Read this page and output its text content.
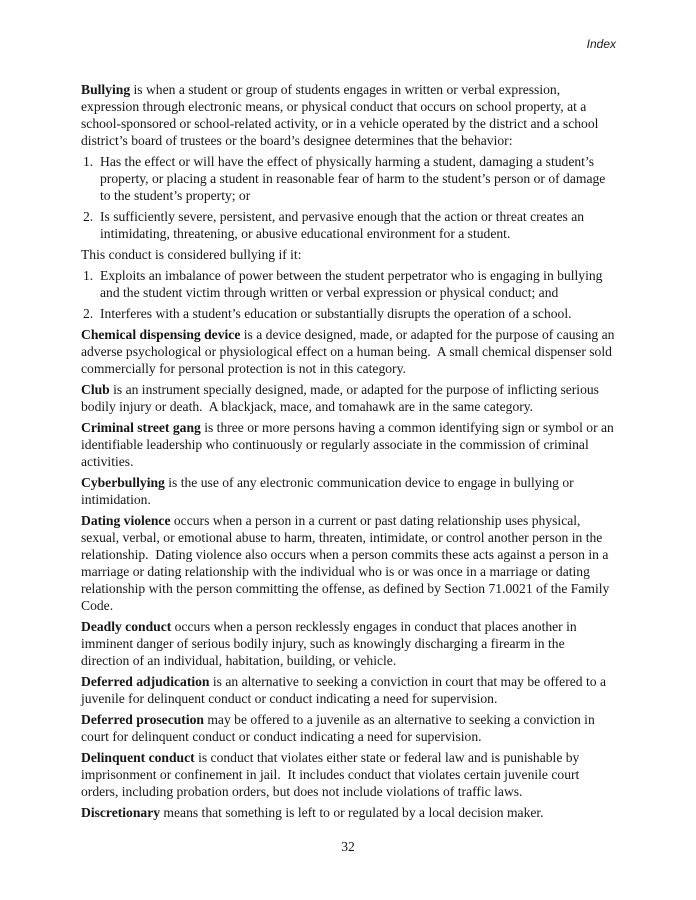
Index
Bullying is when a student or group of students engages in written or verbal expression, expression through electronic means, or physical conduct that occurs on school property, at a school-sponsored or school-related activity, or in a vehicle operated by the district and a school district’s board of trustees or the board’s designee determines that the behavior:
1. Has the effect or will have the effect of physically harming a student, damaging a student’s property, or placing a student in reasonable fear of harm to the student’s person or of damage to the student’s property; or
2. Is sufficiently severe, persistent, and pervasive enough that the action or threat creates an intimidating, threatening, or abusive educational environment for a student.
This conduct is considered bullying if it:
1. Exploits an imbalance of power between the student perpetrator who is engaging in bullying and the student victim through written or verbal expression or physical conduct; and
2. Interferes with a student’s education or substantially disrupts the operation of a school.
Chemical dispensing device is a device designed, made, or adapted for the purpose of causing an adverse psychological or physiological effect on a human being.  A small chemical dispenser sold commercially for personal protection is not in this category.
Club is an instrument specially designed, made, or adapted for the purpose of inflicting serious bodily injury or death.  A blackjack, mace, and tomahawk are in the same category.
Criminal street gang is three or more persons having a common identifying sign or symbol or an identifiable leadership who continuously or regularly associate in the commission of criminal activities.
Cyberbullying is the use of any electronic communication device to engage in bullying or intimidation.
Dating violence occurs when a person in a current or past dating relationship uses physical, sexual, verbal, or emotional abuse to harm, threaten, intimidate, or control another person in the relationship.  Dating violence also occurs when a person commits these acts against a person in a marriage or dating relationship with the individual who is or was once in a marriage or dating relationship with the person committing the offense, as defined by Section 71.0021 of the Family Code.
Deadly conduct occurs when a person recklessly engages in conduct that places another in imminent danger of serious bodily injury, such as knowingly discharging a firearm in the direction of an individual, habitation, building, or vehicle.
Deferred adjudication is an alternative to seeking a conviction in court that may be offered to a juvenile for delinquent conduct or conduct indicating a need for supervision.
Deferred prosecution may be offered to a juvenile as an alternative to seeking a conviction in court for delinquent conduct or conduct indicating a need for supervision.
Delinquent conduct is conduct that violates either state or federal law and is punishable by imprisonment or confinement in jail.  It includes conduct that violates certain juvenile court orders, including probation orders, but does not include violations of traffic laws.
Discretionary means that something is left to or regulated by a local decision maker.
32
